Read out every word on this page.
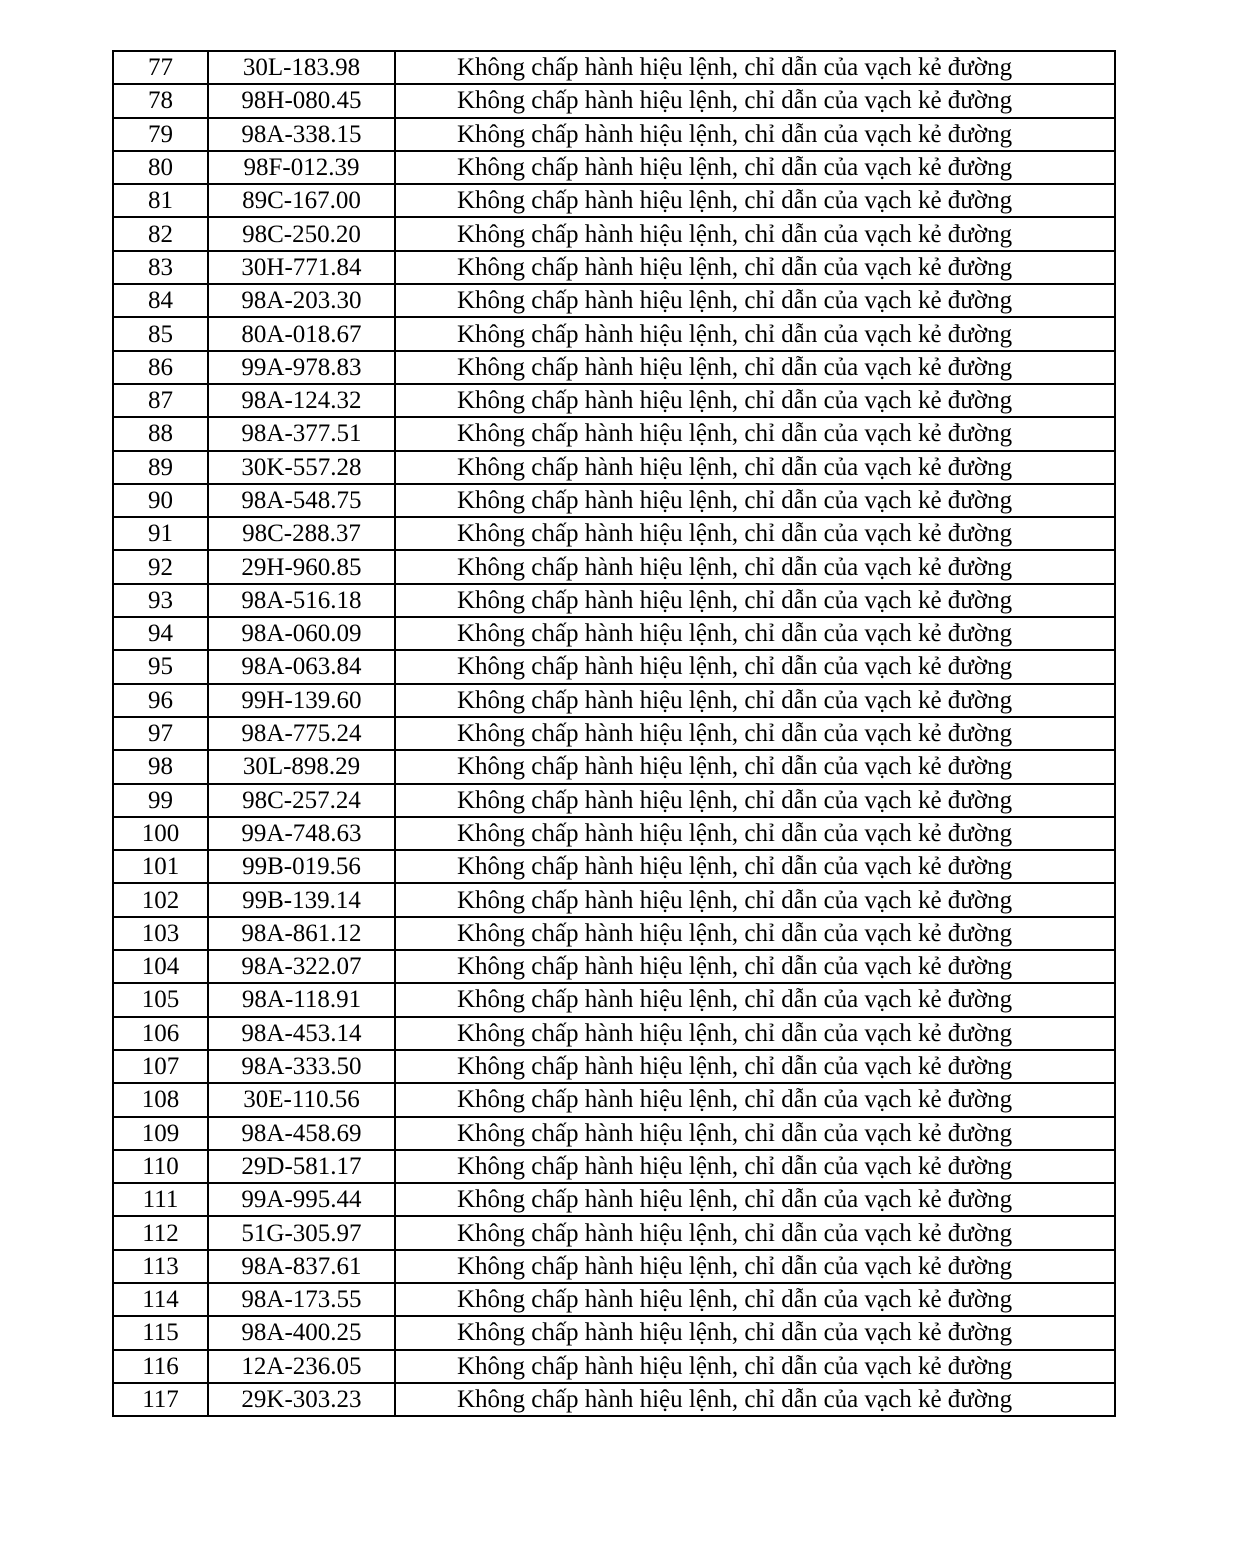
77	30L-183.98	Không chấp hành hiệu lệnh, chỉ dẫn của vạch kẻ đường
78	98H-080.45	Không chấp hành hiệu lệnh, chỉ dẫn của vạch kẻ đường
79	98A-338.15	Không chấp hành hiệu lệnh, chỉ dẫn của vạch kẻ đường
80	98F-012.39	Không chấp hành hiệu lệnh, chỉ dẫn của vạch kẻ đường
81	89C-167.00	Không chấp hành hiệu lệnh, chỉ dẫn của vạch kẻ đường
82	98C-250.20	Không chấp hành hiệu lệnh, chỉ dẫn của vạch kẻ đường
83	30H-771.84	Không chấp hành hiệu lệnh, chỉ dẫn của vạch kẻ đường
84	98A-203.30	Không chấp hành hiệu lệnh, chỉ dẫn của vạch kẻ đường
85	80A-018.67	Không chấp hành hiệu lệnh, chỉ dẫn của vạch kẻ đường
86	99A-978.83	Không chấp hành hiệu lệnh, chỉ dẫn của vạch kẻ đường
87	98A-124.32	Không chấp hành hiệu lệnh, chỉ dẫn của vạch kẻ đường
88	98A-377.51	Không chấp hành hiệu lệnh, chỉ dẫn của vạch kẻ đường
89	30K-557.28	Không chấp hành hiệu lệnh, chỉ dẫn của vạch kẻ đường
90	98A-548.75	Không chấp hành hiệu lệnh, chỉ dẫn của vạch kẻ đường
91	98C-288.37	Không chấp hành hiệu lệnh, chỉ dẫn của vạch kẻ đường
92	29H-960.85	Không chấp hành hiệu lệnh, chỉ dẫn của vạch kẻ đường
93	98A-516.18	Không chấp hành hiệu lệnh, chỉ dẫn của vạch kẻ đường
94	98A-060.09	Không chấp hành hiệu lệnh, chỉ dẫn của vạch kẻ đường
95	98A-063.84	Không chấp hành hiệu lệnh, chỉ dẫn của vạch kẻ đường
96	99H-139.60	Không chấp hành hiệu lệnh, chỉ dẫn của vạch kẻ đường
97	98A-775.24	Không chấp hành hiệu lệnh, chỉ dẫn của vạch kẻ đường
98	30L-898.29	Không chấp hành hiệu lệnh, chỉ dẫn của vạch kẻ đường
99	98C-257.24	Không chấp hành hiệu lệnh, chỉ dẫn của vạch kẻ đường
100	99A-748.63	Không chấp hành hiệu lệnh, chỉ dẫn của vạch kẻ đường
101	99B-019.56	Không chấp hành hiệu lệnh, chỉ dẫn của vạch kẻ đường
102	99B-139.14	Không chấp hành hiệu lệnh, chỉ dẫn của vạch kẻ đường
103	98A-861.12	Không chấp hành hiệu lệnh, chỉ dẫn của vạch kẻ đường
104	98A-322.07	Không chấp hành hiệu lệnh, chỉ dẫn của vạch kẻ đường
105	98A-118.91	Không chấp hành hiệu lệnh, chỉ dẫn của vạch kẻ đường
106	98A-453.14	Không chấp hành hiệu lệnh, chỉ dẫn của vạch kẻ đường
107	98A-333.50	Không chấp hành hiệu lệnh, chỉ dẫn của vạch kẻ đường
108	30E-110.56	Không chấp hành hiệu lệnh, chỉ dẫn của vạch kẻ đường
109	98A-458.69	Không chấp hành hiệu lệnh, chỉ dẫn của vạch kẻ đường
110	29D-581.17	Không chấp hành hiệu lệnh, chỉ dẫn của vạch kẻ đường
111	99A-995.44	Không chấp hành hiệu lệnh, chỉ dẫn của vạch kẻ đường
112	51G-305.97	Không chấp hành hiệu lệnh, chỉ dẫn của vạch kẻ đường
113	98A-837.61	Không chấp hành hiệu lệnh, chỉ dẫn của vạch kẻ đường
114	98A-173.55	Không chấp hành hiệu lệnh, chỉ dẫn của vạch kẻ đường
115	98A-400.25	Không chấp hành hiệu lệnh, chỉ dẫn của vạch kẻ đường
116	12A-236.05	Không chấp hành hiệu lệnh, chỉ dẫn của vạch kẻ đường
117	29K-303.23	Không chấp hành hiệu lệnh, chỉ dẫn của vạch kẻ đường
